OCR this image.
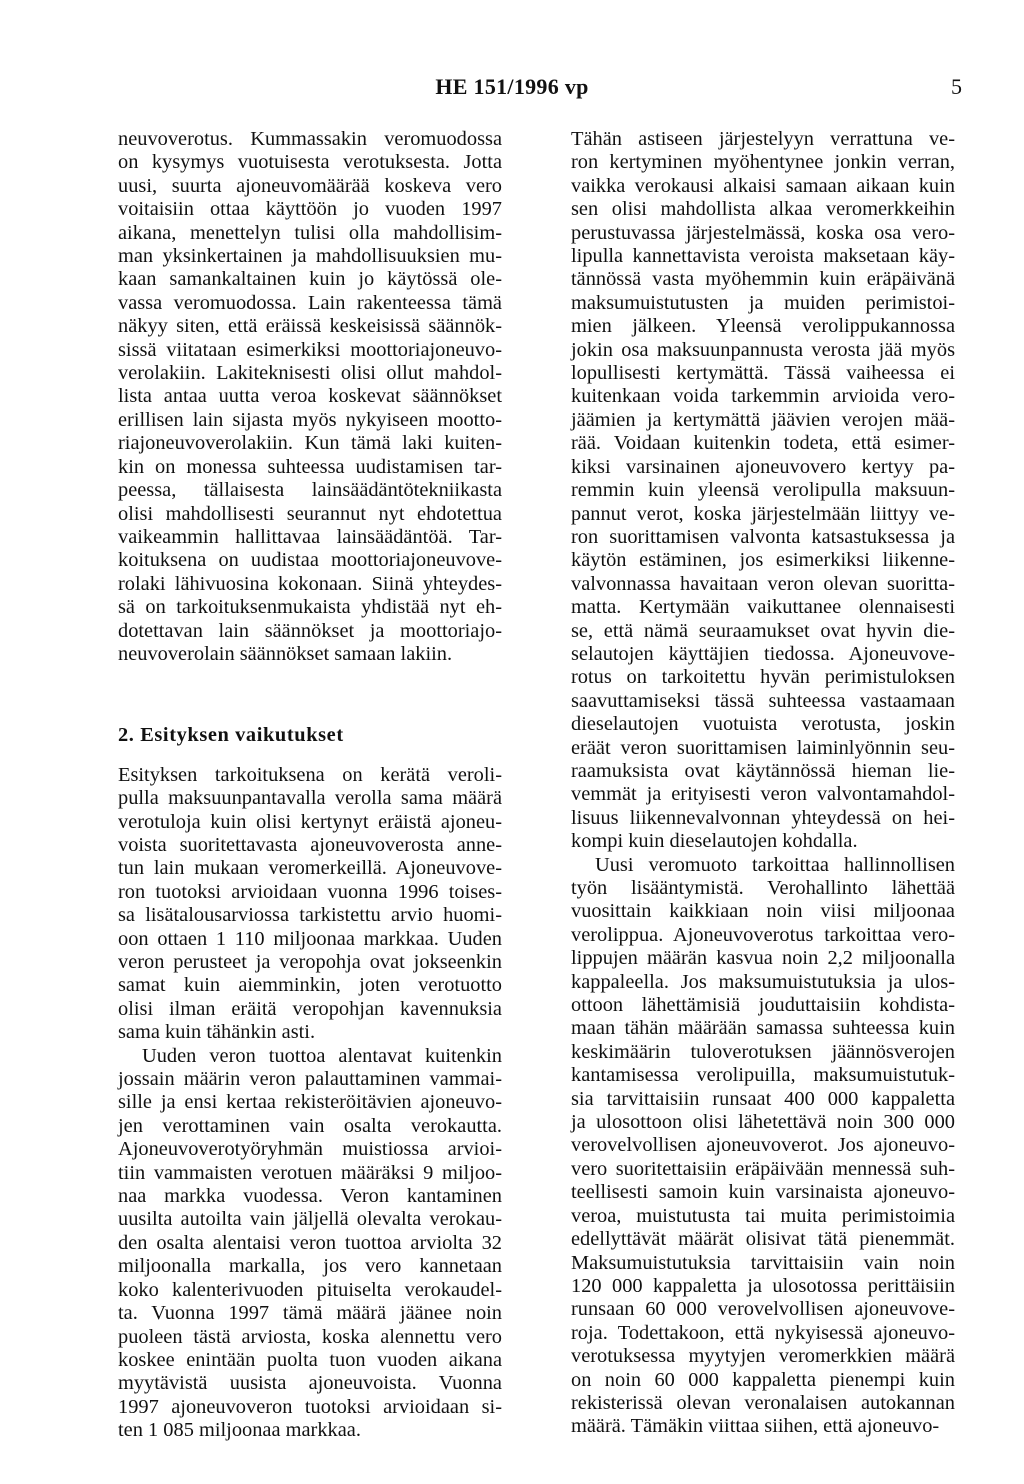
HE 151/1996 vp	5
neuvoverotus. Kummassakin veromuodossa
on kysymys vuotuisesta verotuksesta. Jotta
uusi, suurta ajoneuvomäärää koskeva vero
voitaisiin ottaa käyttöön jo vuoden 1997
aikana, menettelyn tulisi olla mahdollisim-
man yksinkertainen ja mahdollisuuksien mu-
kaan samankaltainen kuin jo käytössä ole-
vassa veromuodossa. Lain rakenteessa tämä
näkyy siten, että eräissä keskeisissä säännök-
sissä viitataan esimerkiksi moottoriajoneuvo-
verolakiin. Lakiteknisesti olisi ollut mahdol-
lista antaa uutta veroa koskevat säännökset
erillisen lain sijasta myös nykyiseen mootto-
riajoneuvoverolakiin. Kun tämä laki kuiten-
kin on monessa suhteessa uudistamisen tar-
peessa, tällaisesta lainsäädäntötekniikasta
olisi mahdollisesti seurannut nyt ehdotettua
vaikeammin hallittavaa lainsäädäntöä. Tar-
koituksena on uudistaa moottoriajoneuvove-
rolaki lähivuosina kokonaan. Siinä yhteydes-
sä on tarkoituksenmukaista yhdistää nyt eh-
dotettavan lain säännökset ja moottoriajo-
neuvoverolain säännökset samaan lakiin.
2. Esityksen vaikutukset
Esityksen tarkoituksena on kerätä veroli-
pulla maksuunpantavalla verolla sama määrä
verotuloja kuin olisi kertynyt eräistä ajoneu-
voista suoritettavasta ajoneuvoverosta anne-
tun lain mukaan veromerkeillä. Ajoneuvove-
ron tuotoksi arvioidaan vuonna 1996 toises-
sa lisätalousarviossa tarkistettu arvio huomi-
oon ottaen 1 110 miljoonaa markkaa. Uuden
veron perusteet ja veropohja ovat jokseenkin
samat kuin aiemminkin, joten verotuotto
olisi ilman eräitä veropohjan kavennuksia
sama kuin tähänkin asti.
Uuden veron tuottoa alentavat kuitenkin
jossain määrin veron palauttaminen vammai-
sille ja ensi kertaa rekisteröitävien ajoneuvo-
jen verottaminen vain osalta verokautta.
Ajoneuvoverotyöryhmän muistiossa arvioi-
tiin vammaisten verotuen määräksi 9 miljoo-
naa markka vuodessa. Veron kantaminen
uusilta autoilta vain jäljellä olevalta verokau-
den osalta alentaisi veron tuottoa arviolta 32
miljoonalla markalla, jos vero kannetaan
koko kalenterivuoden pituiselta verokaudel-
ta. Vuonna 1997 tämä määrä jäänee noin
puoleen tästä arviosta, koska alennettu vero
koskee enintään puolta tuon vuoden aikana
myytävistä uusista ajoneuvoista. Vuonna
1997 ajoneuvoveron tuotoksi arvioidaan si-
ten 1 085 miljoonaa markkaa.
Tähän astiseen järjestelyyn verrattuna ve-
ron kertyminen myöhentynee jonkin verran,
vaikka verokausi alkaisi samaan aikaan kuin
sen olisi mahdollista alkaa veromerkkeihin
perustuvassa järjestelmässä, koska osa vero-
lipulla kannettavista veroista maksetaan käy-
tännössä vasta myöhemmin kuin eräpäivänä
maksumuistutusten ja muiden perimistoi-
mien jälkeen. Yleensä verolippukannossa
jokin osa maksuunpannusta verosta jää myös
lopullisesti kertymättä. Tässä vaiheessa ei
kuitenkaan voida tarkemmin arvioida vero-
jäämien ja kertymättä jäävien verojen mää-
rää. Voidaan kuitenkin todeta, että esimer-
kiksi varsinainen ajoneuvovero kertyy pa-
remmin kuin yleensä verolipulla maksuun-
pannut verot, koska järjestelmään liittyy ve-
ron suorittamisen valvonta katsastuksessa ja
käytön estäminen, jos esimerkiksi liikenne-
valvonnassa havaitaan veron olevan suoritta-
matta. Kertymään vaikuttanee olennaisesti
se, että nämä seuraamukset ovat hyvin die-
selautojen käyttäjien tiedossa. Ajoneuvove-
rotus on tarkoitettu hyvän perimistuloksen
saavuttamiseksi tässä suhteessa vastaamaan
dieselautojen vuotuista verotusta, joskin
eräät veron suorittamisen laiminlyönnin seu-
raamuksista ovat käytännössä hieman lie-
vemmät ja erityisesti veron valvontamahdol-
lisuus liikennevalvonnan yhteydessä on hei-
kompi kuin dieselautojen kohdalla.
Uusi veromuoto tarkoittaa hallinnollisen
työn lisääntymistä. Verohallinto lähettää
vuosittain kaikkiaan noin viisi miljoonaa
verolippua. Ajoneuvoverotus tarkoittaa vero-
lippujen määrän kasvua noin 2,2 miljoonalla
kappaleella. Jos maksumuistutuksia ja ulos-
ottoon lähettämisiä jouduttaisiin kohdista-
maan tähän määrään samassa suhteessa kuin
keskimäärin tuloverotuksen jäännösverojen
kantamisessa verolipuilla, maksumuistutuk-
sia tarvittaisiin runsaat 400 000 kappaletta
ja ulosottoon olisi lähetettävä noin 300 000
verovelvollisen ajoneuvoverot. Jos ajoneuvo-
vero suoritettaisiin eräpäivään mennessä suh-
teellisesti samoin kuin varsinaista ajoneuvo-
veroa, muistutusta tai muita perimistoimia
edellyttävät määrät olisivat tätä pienemmät.
Maksumuistutuksia tarvittaisiin vain noin
120 000 kappaletta ja ulosotossa perittäisiin
runsaan 60 000 verovelvollisen ajoneuvove-
roja. Todettakoon, että nykyisessä ajoneuvo-
verotuksessa myytyjen veromerkkien määrä
on noin 60 000 kappaletta pienempi kuin
rekisterissä olevan veronalaisen autokannan
määrä. Tämäkin viittaa siihen, että ajoneuvo-
